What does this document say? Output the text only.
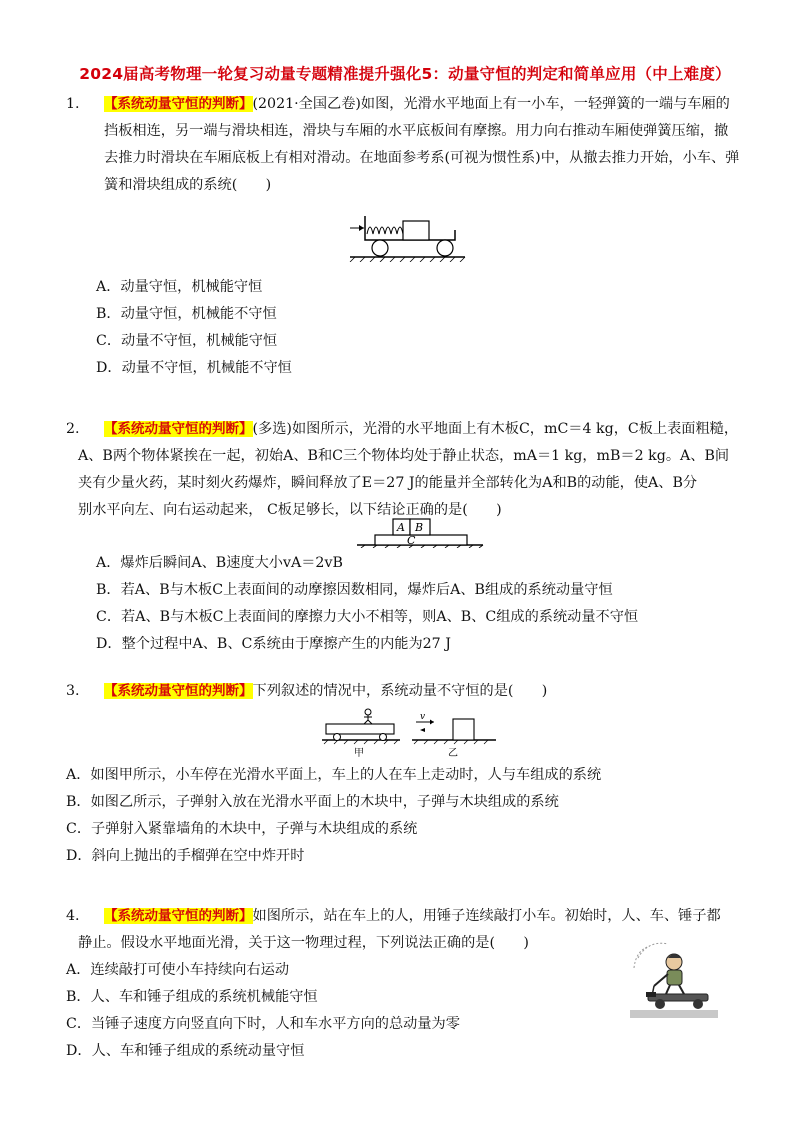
2024届高考物理一轮复习动量专题精准提升强化5：动量守恒的判定和简单应用（中上难度）
1. 【系统动量守恒的判断】(2021·全国乙卷)如图，光滑水平地面上有一小车，一轻弹簧的一端与车厢的
挡板相连，另一端与滑块相连，滑块与车厢的水平底板间有摩擦。用力向右推动车厢使弹簧压缩，撤
去推力时滑块在车厢底板上有相对滑动。在地面参考系(可视为惯性系)中，从撤去推力开始，小车、弹
簧和滑块组成的系统(　　)
A．动量守恒，机械能守恒
B．动量守恒，机械能不守恒
C．动量不守恒，机械能守恒
D．动量不守恒，机械能不守恒
2. 【系统动量守恒的判断】(多选)如图所示，光滑的水平地面上有木板C，mC＝4 kg，C板上表面粗糙，
A、B两个物体紧挨在一起，初始A、B和C三个物体均处于静止状态，mA＝1 kg，mB＝2 kg。A、B间
夹有少量火药，某时刻火药爆炸，瞬间释放了E＝27 J的能量并全部转化为A和B的动能，使A、B分
别水平向左、向右运动起来， C板足够长，以下结论正确的是(　　)
A B
C
A．爆炸后瞬间A、B速度大小vA＝2vB
B．若A、B与木板C上表面间的动摩擦因数相同，爆炸后A、B组成的系统动量守恒
C．若A、B与木板C上表面间的摩擦力大小不相等，则A、B、C组成的系统动量不守恒
D．整个过程中A、B、C系统由于摩擦产生的内能为27 J
3. 【系统动量守恒的判断】下列叙述的情况中，系统动量不守恒的是(　　)
甲
v
乙
A．如图甲所示，小车停在光滑水平面上，车上的人在车上走动时，人与车组成的系统
B．如图乙所示，子弹射入放在光滑水平面上的木块中，子弹与木块组成的系统
C．子弹射入紧靠墙角的木块中，子弹与木块组成的系统
D．斜向上抛出的手榴弹在空中炸开时
4. 【系统动量守恒的判断】如图所示，站在车上的人，用锤子连续敲打小车。初始时，人、车、锤子都
静止。假设水平地面光滑，关于这一物理过程，下列说法正确的是(　　)
A．连续敲打可使小车持续向右运动
B．人、车和锤子组成的系统机械能守恒
C．当锤子速度方向竖直向下时，人和车水平方向的总动量为零
D．人、车和锤子组成的系统动量守恒
